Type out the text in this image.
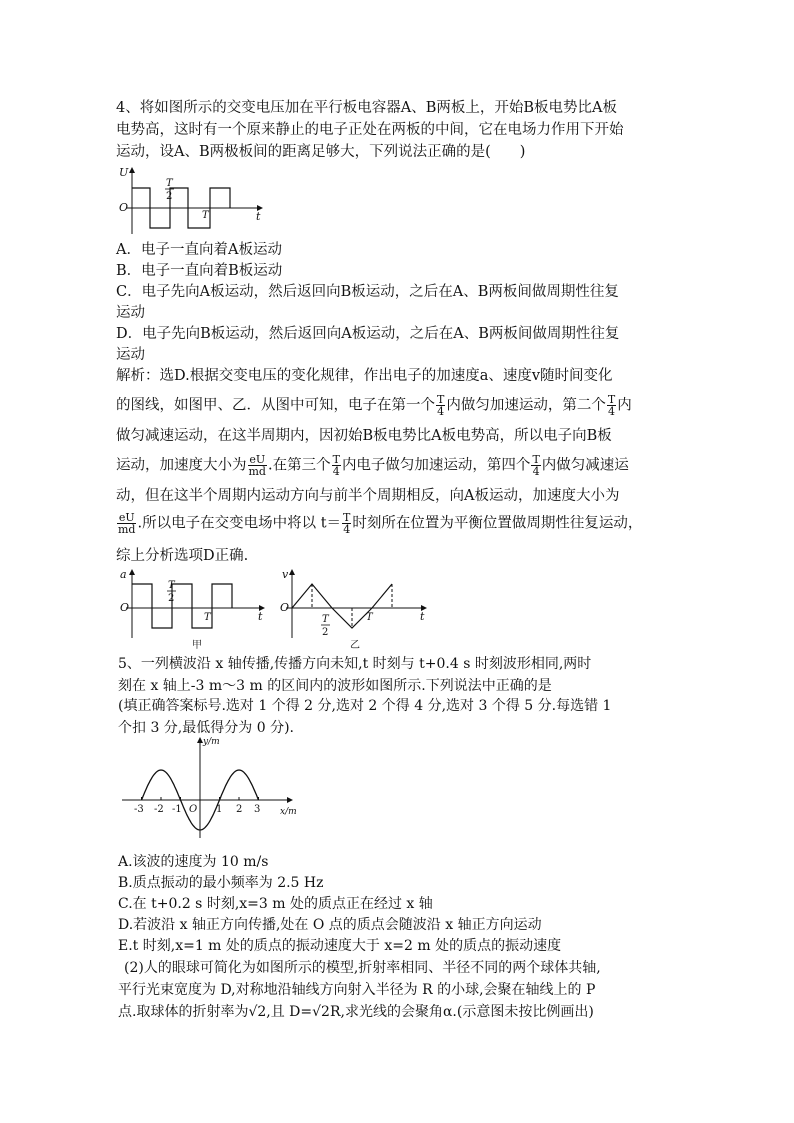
4、将如图所示的交变电压加在平行板电容器A、B两板上，开始B板电势比A板
电势高，这时有一个原来静止的电子正处在两板的中间，它在电场力作用下开始
运动，设A、B两极板间的距离足够大，下列说法正确的是(　　)
U
O
t
T
2
T
A．电子一直向着A板运动
B．电子一直向着B板运动
C．电子先向A板运动，然后返回向B板运动，之后在A、B两板间做周期性往复
运动
D．电子先向B板运动，然后返回向A板运动，之后在A、B两板间做周期性往复
运动
解析：选D.根据交变电压的变化规律，作出电子的加速度a、速度v随时间变化
的图线，如图甲、乙．从图中可知，电子在第一个 $\frac{T}{4}$ 内做匀加速运动，第二个 $\frac{T}{4}$ 内
做匀减速运动，在这半周期内，因初始B板电势比A板电势高，所以电子向B板
运动，加速度大小为 $\frac{eU}{md}$ .在第三个 $\frac{T}{4}$ 内电子做匀加速运动，第四个 $\frac{T}{4}$ 内做匀减速运
动，但在这半个周期内运动方向与前半个周期相反，向A板运动，加速度大小为
$\frac{eU}{md}$ .所以电子在交变电场中将以 $t= \frac{T}{4}$ 时刻所在位置为平衡位置做周期性往复运动，
综上分析选项D正确.
a
O
t
T
2
T
甲
v
O
t
T
2
T
乙
5、一列横波沿 x 轴传播,传播方向未知,t 时刻与 t+0.4 s 时刻波形相同,两时
刻在 x 轴上-3 m～3 m 的区间内的波形如图所示.下列说法中正确的是
(填正确答案标号.选对 1 个得 2 分,选对 2 个得 4 分,选对 3 个得 5 分.每选错 1
个扣 3 分,最低得分为 0 分).
y/m
x/m
O
-3 -2 -1	1 2 3
A.该波的速度为 10 m/s
B.质点振动的最小频率为 2.5 Hz
C.在 t+0.2 s 时刻,x=3 m 处的质点正在经过 x 轴
D.若波沿 x 轴正方向传播,处在 O 点的质点会随波沿 x 轴正方向运动
E.t 时刻,x=1 m 处的质点的振动速度大于 x=2 m 处的质点的振动速度
(2)人的眼球可简化为如图所示的模型,折射率相同、半径不同的两个球体共轴,
平行光束宽度为 D,对称地沿轴线方向射入半径为 R 的小球,会聚在轴线上的 P
点.取球体的折射率为√2,且 D=√2R,求光线的会聚角α.(示意图未按比例画出)
